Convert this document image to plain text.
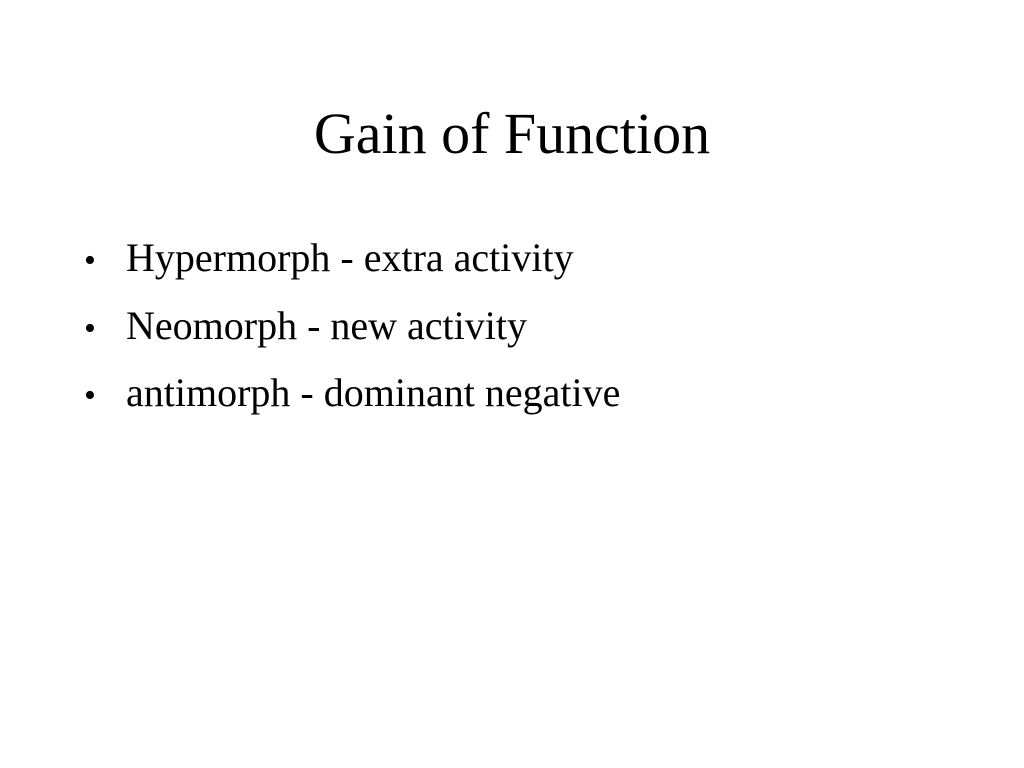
Gain of Function
• Hypermorph - extra activity
• Neomorph - new activity
• antimorph - dominant negative
